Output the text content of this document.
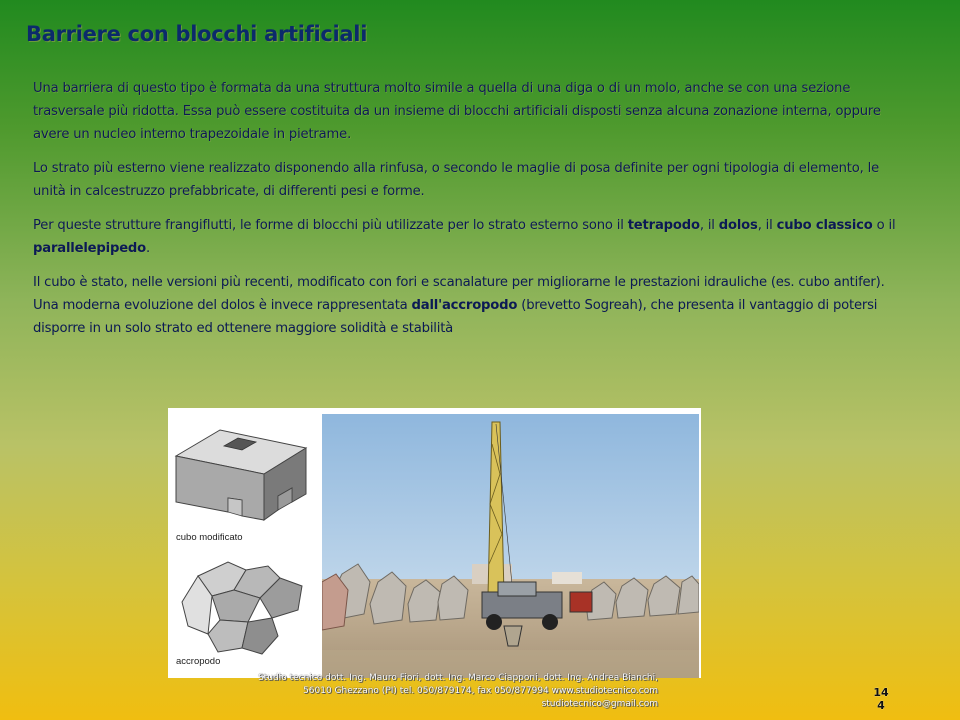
Barriere con blocchi artificiali

Una barriera di questo tipo è formata da una struttura molto simile a quella di una diga o di un molo, anche se con una sezione trasversale più ridotta. Essa può essere costituita da un insieme di blocchi artificiali disposti senza alcuna zonazione interna, oppure avere un nucleo interno trapezoidale in pietrame.

Lo strato più esterno viene realizzato disponendo alla rinfusa, o secondo le maglie di posa definite per ogni tipologia di elemento, le unità in calcestruzzo prefabbricate, di differenti pesi e forme.

Per queste strutture frangiflutti, le forme di blocchi più utilizzate per lo strato esterno sono il tetrapodo, il dolos, il cubo classico o il parallelepipedo.

Il cubo è stato, nelle versioni più recenti, modificato con fori e scanalature per migliorarne le prestazioni idrauliche (es. cubo antifer). Una moderna evoluzione del dolos è invece rappresentata dall'accropodo (brevetto Sogreah), che presenta il vantaggio di potersi disporre in un solo strato ed ottenere maggiore solidità e stabilità

cubo modificato
accropodo
Studio tecnico dott. Ing. Mauro Fiori, dott. Ing. Marco Ciapponi, dott. Ing. Andrea Bianchi,
56010 Ghezzano (PI) tel. 050/879174, fax 050/877994 www.studiotecnico.com
studiotecnico@gmail.com
14
4
